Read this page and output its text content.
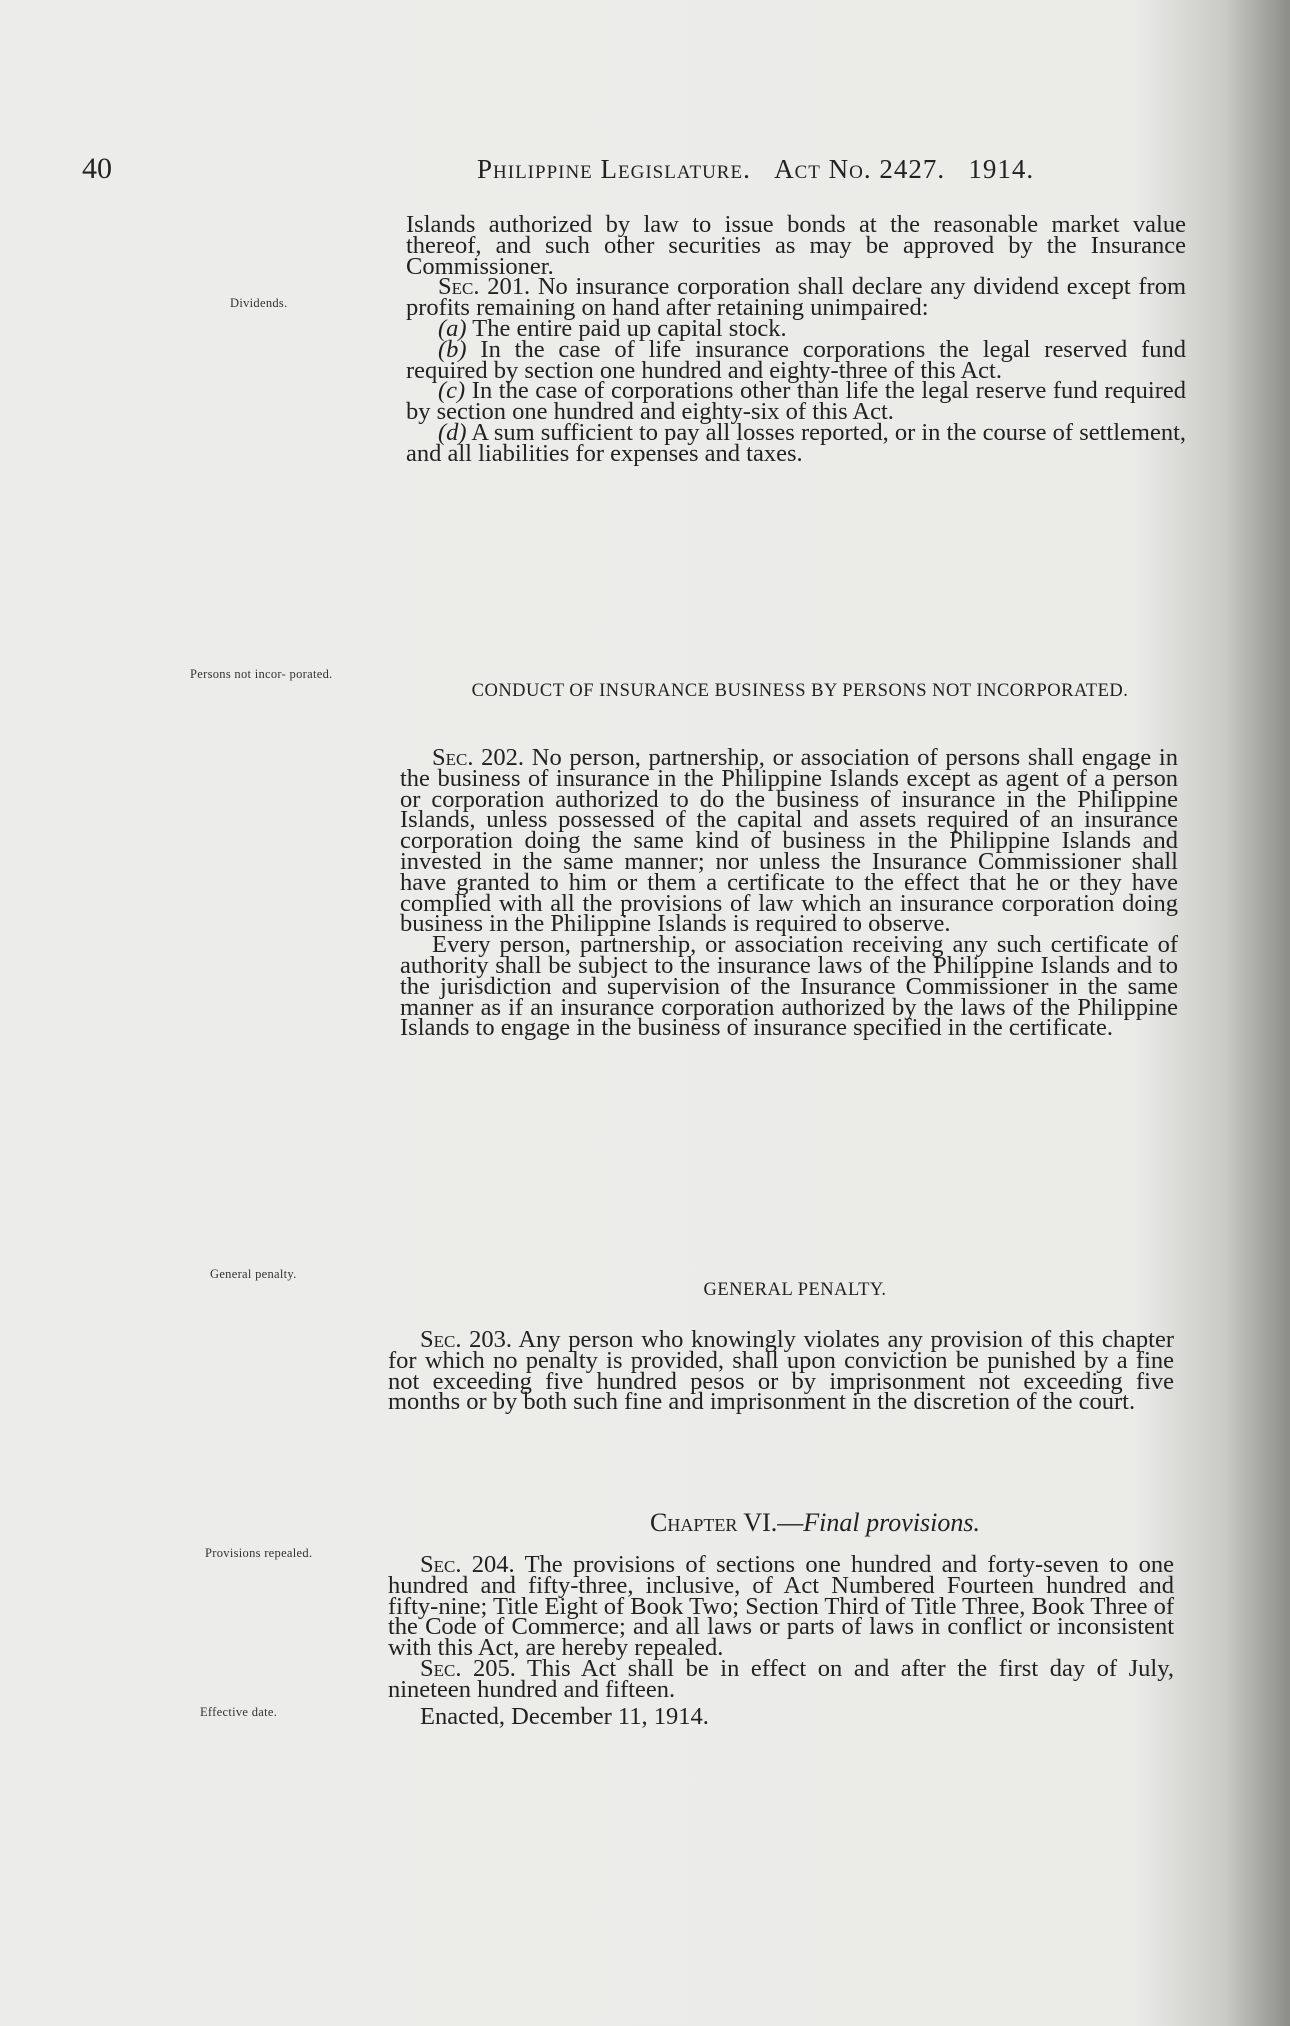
40	Philippine Legislature. Act No. 2427. 1914.
Dividends.
Persons not incor- porated.
General penalty.
Provisions repealed.
Effective date.

Islands authorized by law to issue bonds at the reasonable market value thereof, and such other securities as may be approved by the Insurance Commissioner.

Sec. 201. No insurance corporation shall declare any dividend except from profits remaining on hand after retaining unimpaired:

(a) The entire paid up capital stock.

(b) In the case of life insurance corporations the legal reserved fund required by section one hundred and eighty-three of this Act.

(c) In the case of corporations other than life the legal reserve fund required by section one hundred and eighty-six of this Act.

(d) A sum sufficient to pay all losses reported, or in the course of settlement, and all liabilities for expenses and taxes.

CONDUCT OF INSURANCE BUSINESS BY PERSONS NOT INCORPORATED.

Sec. 202. No person, partnership, or association of persons shall engage in the business of insurance in the Philippine Islands except as agent of a person or corporation authorized to do the business of insurance in the Philippine Islands, unless possessed of the capital and assets required of an insurance corporation doing the same kind of business in the Philippine Islands and invested in the same manner; nor unless the Insurance Commissioner shall have granted to him or them a certificate to the effect that he or they have complied with all the provisions of law which an insurance corporation doing business in the Philippine Islands is required to observe.

Every person, partnership, or association receiving any such certificate of authority shall be subject to the insurance laws of the Philippine Islands and to the jurisdiction and supervision of the Insurance Commissioner in the same manner as if an insurance corporation authorized by the laws of the Philippine Islands to engage in the business of insurance specified in the certificate.

GENERAL PENALTY.

Sec. 203. Any person who knowingly violates any provision of this chapter for which no penalty is provided, shall upon conviction be punished by a fine not exceeding five hundred pesos or by imprisonment not exceeding five months or by both such fine and imprisonment in the discretion of the court.

Chapter VI.—Final provisions.

Sec. 204. The provisions of sections one hundred and forty-seven to one hundred and fifty-three, inclusive, of Act Numbered Fourteen hundred and fifty-nine; Title Eight of Book Two; Section Third of Title Three, Book Three of the Code of Commerce; and all laws or parts of laws in conflict or inconsistent with this Act, are hereby repealed.

Sec. 205. This Act shall be in effect on and after the first day of July, nineteen hundred and fifteen.

Enacted, December 11, 1914.
